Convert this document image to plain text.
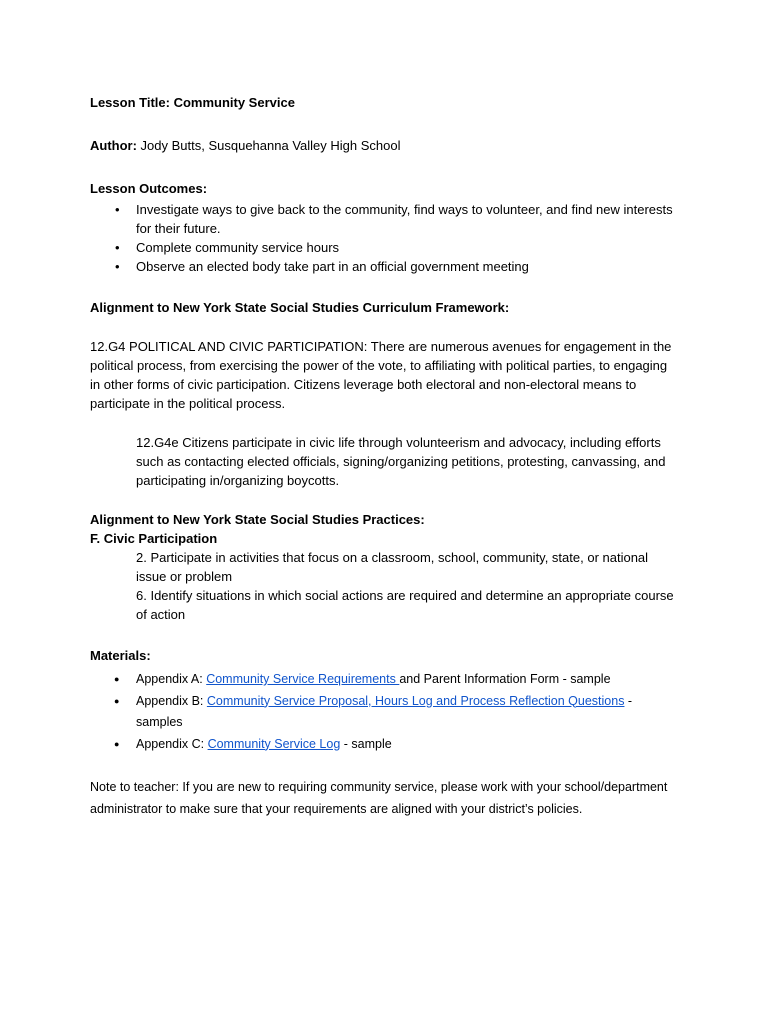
Lesson Title: Community Service

Author: Jody Butts, Susquehanna Valley High School

Lesson Outcomes:

• Investigate ways to give back to the community, find ways to volunteer, and find new interests for their future.
• Complete community service hours
• Observe an elected body take part in an official government meeting

Alignment to New York State Social Studies Curriculum Framework:

12.G4 POLITICAL AND CIVIC PARTICIPATION: There are numerous avenues for engagement in the political process, from exercising the power of the vote, to affiliating with political parties, to engaging in other forms of civic participation. Citizens leverage both electoral and non-electoral means to participate in the political process.

12.G4e Citizens participate in civic life through volunteerism and advocacy, including efforts such as contacting elected officials, signing/organizing petitions, protesting, canvassing, and participating in/organizing boycotts.

Alignment to New York State Social Studies Practices:

F. Civic Participation

2. Participate in activities that focus on a classroom, school, community, state, or national issue or problem

6. Identify situations in which social actions are required and determine an appropriate course of action

Materials:

● Appendix A: Community Service Requirements and Parent Information Form - sample
● Appendix B: Community Service Proposal, Hours Log and Process Reflection Questions - samples
● Appendix C: Community Service Log - sample

Note to teacher: If you are new to requiring community service, please work with your school/department administrator to make sure that your requirements are aligned with your district’s policies.
